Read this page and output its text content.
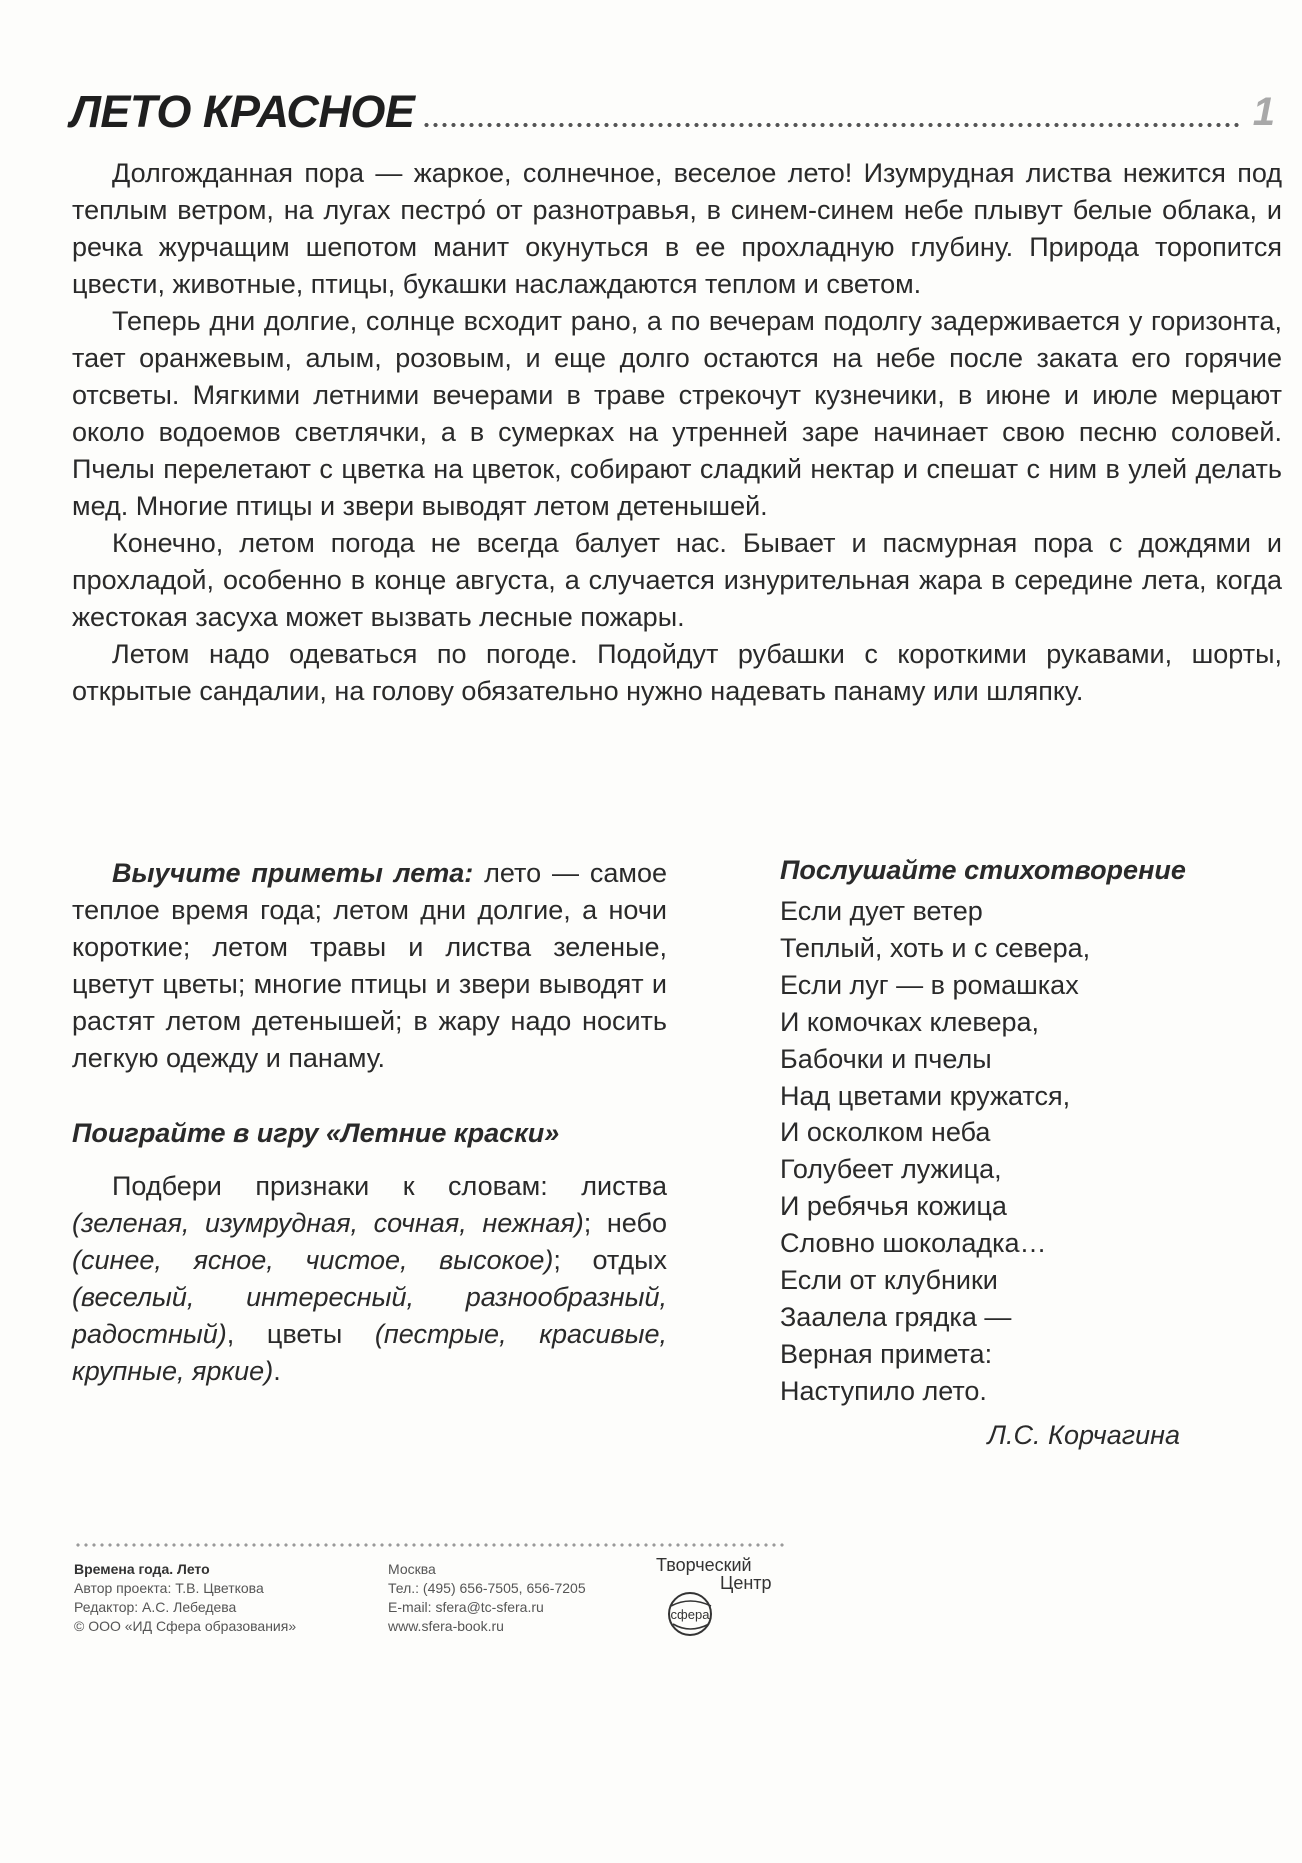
ЛЕТО КРАСНОЕ	1

Долгожданная пора — жаркое, солнечное, веселое лето! Изумрудная листва нежится под теплым ветром, на лугах пестро́ от разнотравья, в синем-синем небе плывут белые облака, и речка журчащим шепотом манит окунуться в ее прохладную глубину. Природа торопится цвести, животные, птицы, букашки наслаждаются теплом и светом.

Теперь дни долгие, солнце всходит рано, а по вечерам подолгу задерживается у горизонта, тает оранжевым, алым, розовым, и еще долго остаются на небе после заката его горячие отсветы. Мягкими летними вечерами в траве стрекочут кузнечики, в июне и июле мерцают около водоемов светлячки, а в сумерках на утренней заре начинает свою песню соловей. Пчелы перелетают с цветка на цветок, собирают сладкий нектар и спешат с ним в улей делать мед. Многие птицы и звери выводят летом детенышей.

Конечно, летом погода не всегда балует нас. Бывает и пасмурная пора с дождями и прохладой, особенно в конце августа, а случается изнурительная жара в середине лета, когда жестокая засуха может вызвать лесные пожары.

Летом надо одеваться по погоде. Подойдут рубашки с короткими рукавами, шорты, открытые сандалии, на голову обязательно нужно надевать панаму или шляпку.

Выучите приметы лета: лето — самое теплое время года; летом дни долгие, а ночи короткие; летом травы и листва зеленые, цветут цветы; многие птицы и звери выводят и растят летом детенышей; в жару надо носить легкую одежду и панаму.

Поиграйте в игру «Летние краски»

Подбери признаки к словам: листва (зеленая, изумрудная, сочная, нежная); небо (синее, ясное, чистое, высокое); отдых (веселый, интересный, разнообразный, радостный), цветы (пестрые, красивые, крупные, яркие).

Послушайте стихотворение
Если дует ветер
Теплый, хоть и с севера,
Если луг — в ромашках
И комочках клевера,
Бабочки и пчелы
Над цветами кружатся,
И осколком неба
Голубеет лужица,
И ребячья кожица
Словно шоколадка…
Если от клубники
Заалела грядка —
Верная примета:
Наступило лето.
Л.С. Корчагина
Времена года. Лето
Автор проекта: Т.В. Цветкова
Редактор: А.С. Лебедева
© ООО «ИД Сфера образования»
Москва
Тел.: (495) 656-7505, 656-7205
E-mail: sfera@tc-sfera.ru
www.sfera-book.ru
Творческий
Центр
сфера
